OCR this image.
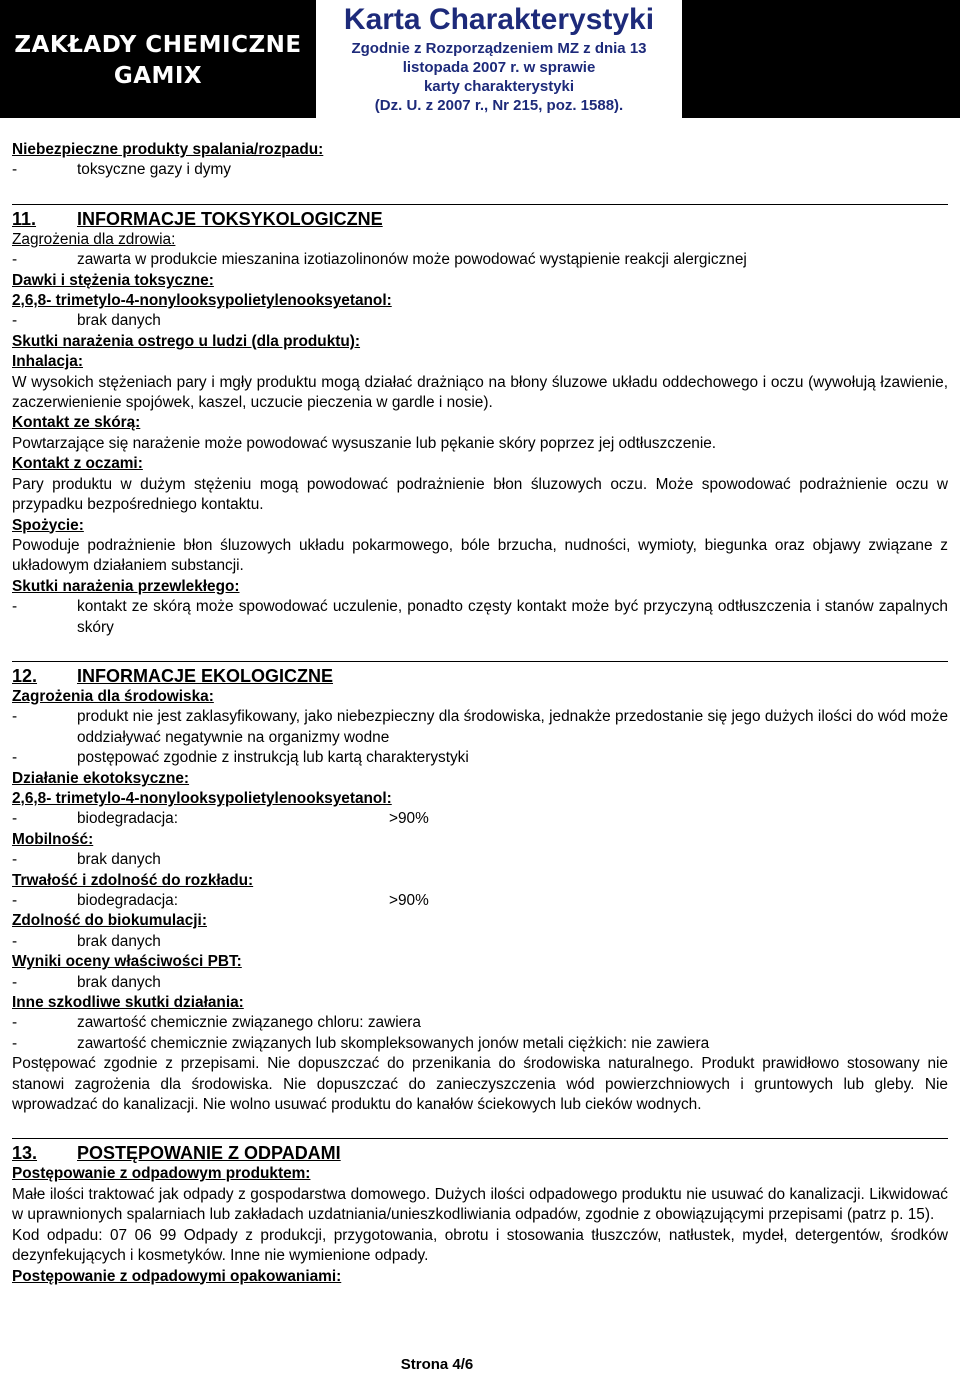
ZAKŁADY CHEMICZNE
GAMIX
Karta Charakterystyki
Zgodnie z Rozporządzeniem MZ z dnia 13
listopada 2007 r. w sprawie
karty charakterystyki
(Dz. U. z 2007 r., Nr 215, poz. 1588).

Niebezpieczne produkty spalania/rozpadu:

-	toksyczne gazy i dymy

11. INFORMACJE TOKSYKOLOGICZNE

Zagrożenia dla zdrowia:

-	zawarta w produkcie mieszanina izotiazolinonów może powodować wystąpienie reakcji alergicznej

Dawki i stężenia toksyczne:

2,6,8- trimetylo-4-nonylooksypolietylenooksyetanol:

-	brak danych

Skutki narażenia ostrego u ludzi (dla produktu):

Inhalacja:

W wysokich stężeniach pary i mgły produktu mogą działać drażniąco na błony śluzowe układu oddechowego i oczu (wywołują łzawienie, zaczerwienienie spojówek, kaszel, uczucie pieczenia w gardle i nosie).

Kontakt ze skórą:

Powtarzające się narażenie może powodować wysuszanie lub pękanie skóry poprzez jej odtłuszczenie.

Kontakt z oczami:

Pary produktu w dużym stężeniu mogą powodować podrażnienie błon śluzowych oczu. Może spowodować podrażnienie oczu w przypadku bezpośredniego kontaktu.

Spożycie:

Powoduje podrażnienie błon śluzowych układu pokarmowego, bóle brzucha, nudności, wymioty, biegunka oraz objawy związane z układowym działaniem substancji.

Skutki narażenia przewlekłego:

-	kontakt ze skórą może spowodować uczulenie, ponadto częsty kontakt może być przyczyną odtłuszczenia i stanów zapalnych skóry

12. INFORMACJE EKOLOGICZNE

Zagrożenia dla środowiska:

-	produkt nie jest zaklasyfikowany, jako niebezpieczny dla środowiska, jednakże przedostanie się jego dużych ilości do wód może oddziaływać negatywnie na organizmy wodne

-	postępować zgodnie z instrukcją lub kartą charakterystyki

Działanie ekotoksyczne:

2,6,8- trimetylo-4-nonylooksypolietylenooksyetanol:

-	biodegradacja:	>90%

Mobilność:

-	brak danych

Trwałość i zdolność do rozkładu:

-	biodegradacja:	>90%

Zdolność do biokumulacji:

-	brak danych

Wyniki oceny właściwości PBT:

-	brak danych

Inne szkodliwe skutki działania:

-	zawartość chemicznie związanego chloru: zawiera

-	zawartość chemicznie związanych lub skompleksowanych jonów metali ciężkich: nie zawiera

Postępować zgodnie z przepisami. Nie dopuszczać do przenikania do środowiska naturalnego. Produkt prawidłowo stosowany nie stanowi zagrożenia dla środowiska. Nie dopuszczać do zanieczyszczenia wód powierzchniowych i gruntowych lub gleby. Nie wprowadzać do kanalizacji. Nie wolno usuwać produktu do kanałów ściekowych lub cieków wodnych.

13. POSTĘPOWANIE Z ODPADAMI

Postępowanie z odpadowym produktem:

Małe ilości traktować jak odpady z gospodarstwa domowego. Dużych ilości odpadowego produktu nie usuwać do kanalizacji. Likwidować w uprawnionych spalarniach lub zakładach uzdatniania/unieszkodliwiania odpadów, zgodnie z obowiązującymi przepisami (patrz p. 15).

Kod odpadu: 07 06 99 Odpady z produkcji, przygotowania, obrotu i stosowania tłuszczów, natłustek, mydeł, detergentów, środków dezynfekujących i kosmetyków. Inne nie wymienione odpady.

Postępowanie z odpadowymi opakowaniami:

Strona 4/6
